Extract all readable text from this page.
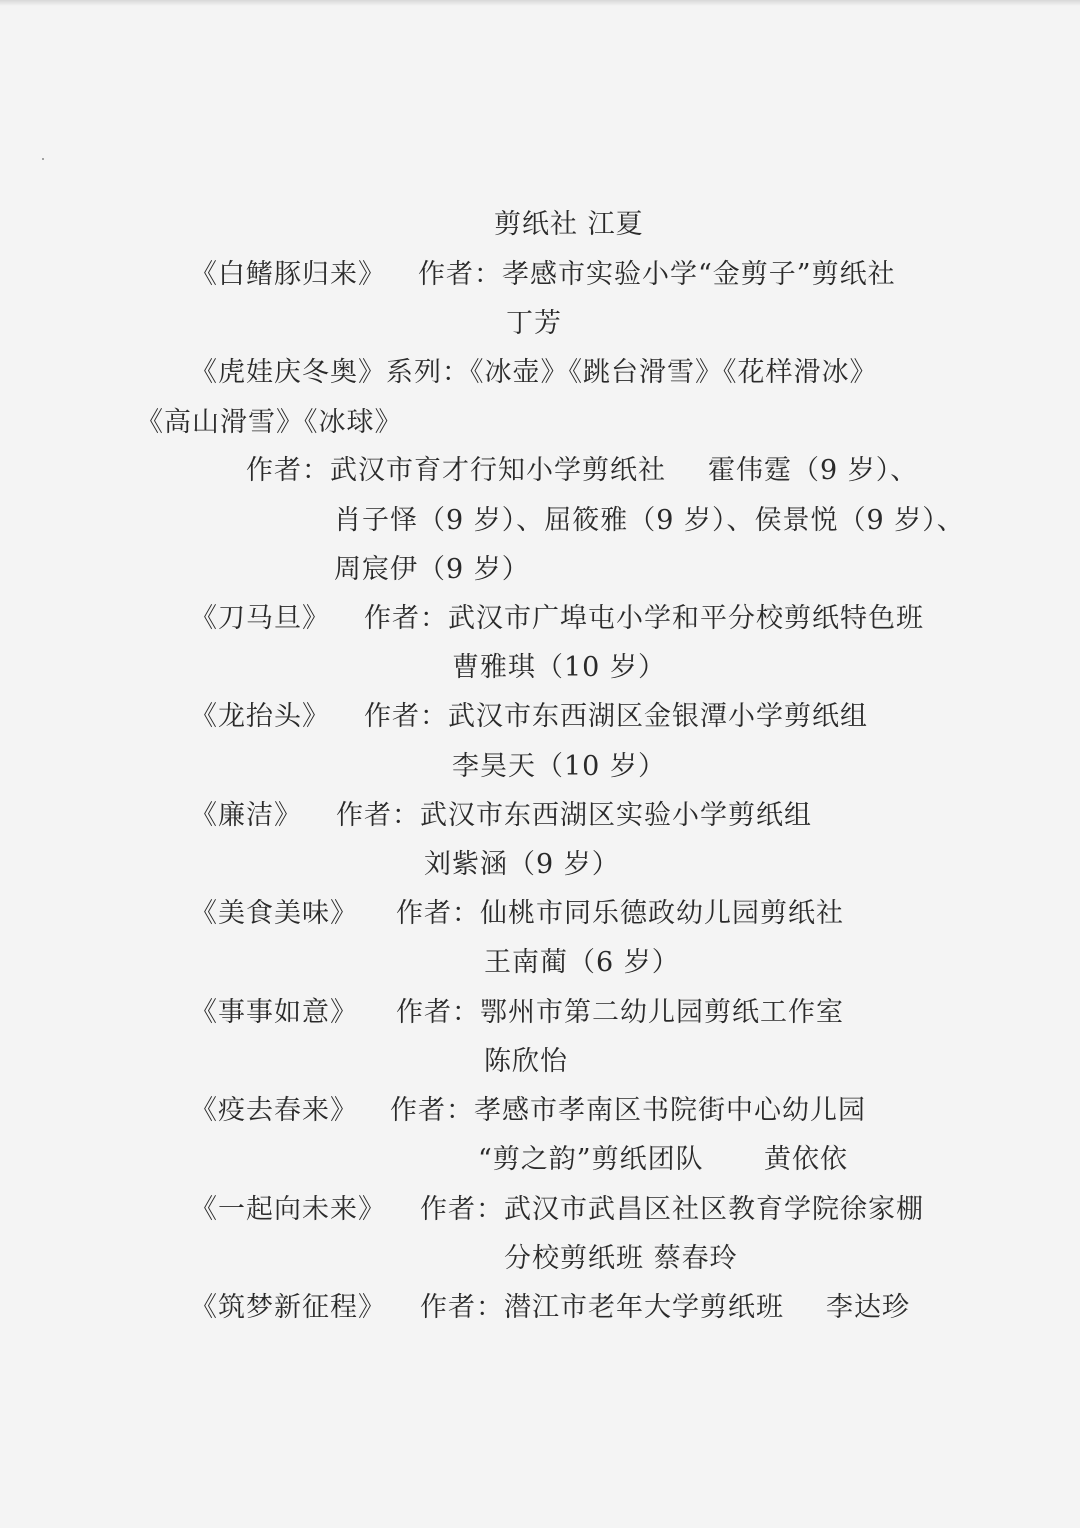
剪纸社 江夏
《白鳍豚归来》 作者：孝感市实验小学“金剪子”剪纸社
丁芳
《虎娃庆冬奥》系列：《冰壶》《跳台滑雪》《花样滑冰》
《高山滑雪》《冰球》
作者：武汉市育才行知小学剪纸社 霍伟霆（9 岁）、
肖子怿（9 岁）、屈筱雅（9 岁）、侯景悦（9 岁）、
周宸伊（9 岁）
《刀马旦》 作者：武汉市广埠屯小学和平分校剪纸特色班
曹雅琪（10 岁）
《龙抬头》 作者：武汉市东西湖区金银潭小学剪纸组
李昊天（10 岁）
《廉洁》 作者：武汉市东西湖区实验小学剪纸组
刘紫涵（9 岁）
《美食美味》 作者：仙桃市同乐德政幼儿园剪纸社
王南蔺（6 岁）
《事事如意》 作者：鄂州市第二幼儿园剪纸工作室
陈欣怡
《疫去春来》 作者：孝感市孝南区书院街中心幼儿园
“剪之韵”剪纸团队 黄依依
《一起向未来》 作者：武汉市武昌区社区教育学院徐家棚
分校剪纸班 蔡春玲
《筑梦新征程》 作者：潜江市老年大学剪纸班 李达珍
